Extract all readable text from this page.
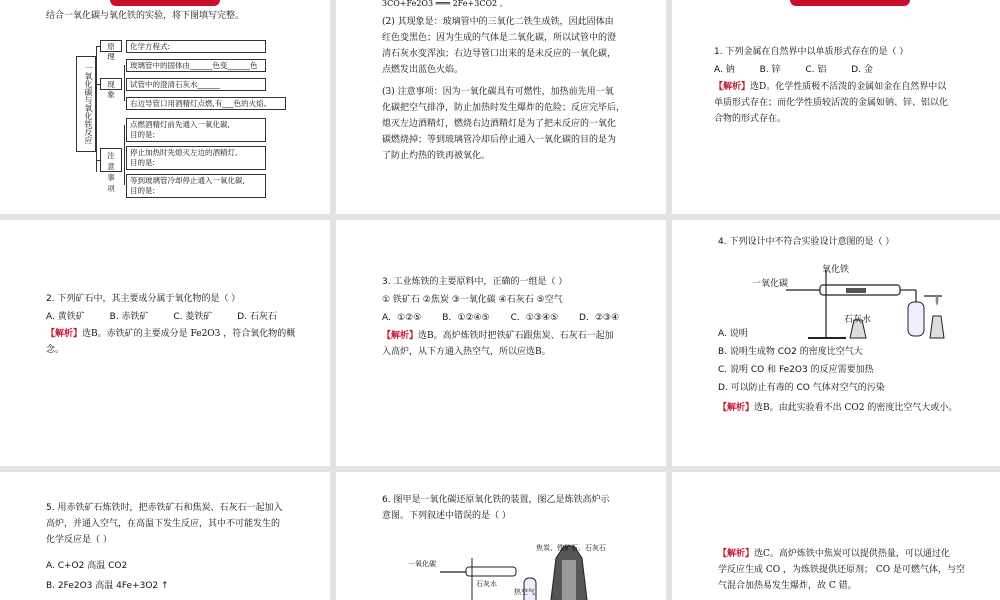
结合一氧化碳与氧化铁的实验，将下图填写完整。
一氧化碳与氧化铁反应
原理
现象
注意事项
化学方程式:
玻璃管中的固体由______色变______色
试管中的澄清石灰水______
右边导管口用酒精灯点燃,有___色的火焰。
点燃酒精灯前先通入一氧化碳,
目的是:
停止加热时先熄灭左边的酒精灯,
目的是:
等到玻璃管冷却停止通入一氧化碳,
目的是:
3CO+Fe2O3 ═══ 2Fe+3CO2 。
(2) 其现象是：玻璃管中的三氧化二铁生成铁，因此固体由
红色变黑色；因为生成的气体是二氧化碳，所以试管中的澄
清石灰水变浑浊；右边导管口出来的是未反应的一氧化碳，
点燃发出蓝色火焰。
(3) 注意事项：因为一氧化碳具有可燃性，加热前先用一氧
化碳把空气排净，防止加热时发生爆炸的危险；反应完毕后，
熄灭左边酒精灯，燃烧右边酒精灯是为了把未反应的一氧化
碳燃烧掉；等到玻璃管冷却后停止通入一氧化碳的目的是为
了防止灼热的铁再被氧化。
1. 下列金属在自然界中以单质形式存在的是（ ）
A. 钠	B. 锌	C. 铝	D. 金
【解析】选D。化学性质极不活泼的金属如金在自然界中以
单质形式存在；而化学性质较活泼的金属如钠、锌、铝以化
合物的形式存在。
2. 下列矿石中，其主要成分属于氧化物的是（ ）
A. 黄铁矿	B. 赤铁矿	C. 菱铁矿	D. 石灰石
【解析】选B。赤铁矿的主要成分是 Fe2O3 ，符合氧化物的概
念。
3. 工业炼铁的主要原料中，正确的一组是（ ）
① 铁矿石 ②焦炭 ③一氧化碳 ④石灰石 ⑤空气
A．①②⑤ B．①②④⑤ C．①③④⑤ D．②③④
【解析】选B。高炉炼铁时把铁矿石跟焦炭、石灰石一起加
入高炉，从下方通入热空气，所以应选B。
4. 下列设计中不符合实验设计意图的是（ ）
一氧化碳
氧化铁
石灰水
A. 说明
B. 说明生成物 CO2 的密度比空气大
C. 说明 CO 和 Fe2O3 的反应需要加热
D. 可以防止有毒的 CO 气体对空气的污染
【解析】选B。由此实验看不出 CO2 的密度比空气大或小。
5. 用赤铁矿石炼铁时，把赤铁矿石和焦炭、石灰石一起加入
高炉，并通入空气，在高温下发生反应，其中不可能发生的
化学反应是（ ）
A. C+O2 高温 CO2
B. 2Fe2O3 高温 4Fe+3O2 ↑
6. 图甲是一氧化碳还原氧化铁的装置，图乙是炼铁高炉示
意图。下列叙述中错误的是（ ）
一氧化碳
焦炭、铁矿石、石灰石
热空气
石灰水
【解析】选C。高炉炼铁中焦炭可以提供热量，可以通过化
学反应生成 CO ，为炼铁提供还原剂； CO 是可燃气体，与空
气混合加热易发生爆炸，故 C 错。
